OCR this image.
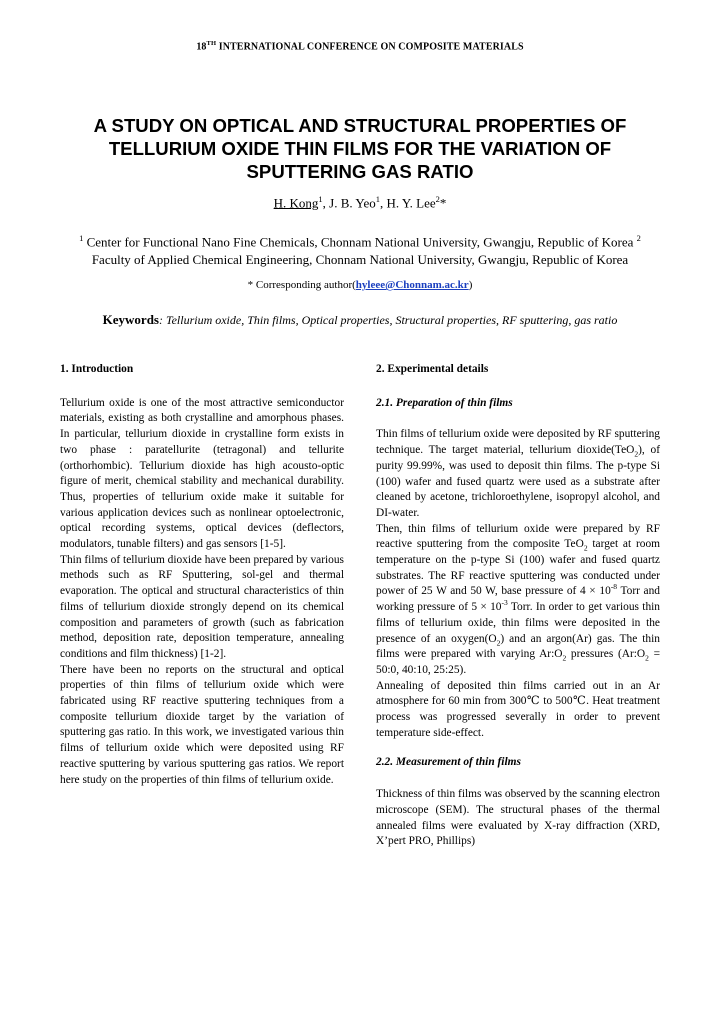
18TH INTERNATIONAL CONFERENCE ON COMPOSITE MATERIALS
A STUDY ON OPTICAL AND STRUCTURAL PROPERTIES OF TELLURIUM OXIDE THIN FILMS FOR THE VARIATION OF SPUTTERING GAS RATIO
H. Kong$^1$, J. B. Yeo$^1$, H. Y. Lee$^2$*
$^1$ Center for Functional Nano Fine Chemicals, Chonnam National University, Gwangju, Republic of Korea $^2$ Faculty of Applied Chemical Engineering, Chonnam National University, Gwangju, Republic of Korea
* Corresponding author(hyleee@Chonnam.ac.kr)
Keywords: Tellurium oxide, Thin films, Optical properties, Structural properties, RF sputtering, gas ratio
1. Introduction

Tellurium oxide is one of the most attractive semiconductor materials, existing as both crystalline and amorphous phases. In particular, tellurium dioxide in crystalline form exists in two phase : paratellurite (tetragonal) and tellurite (orthorhombic). Tellurium dioxide has high acousto-optic figure of merit, chemical stability and mechanical durability. Thus, properties of tellurium oxide make it suitable for various application devices such as nonlinear optoelectronic, optical recording systems, optical devices (deflectors, modulators, tunable filters) and gas sensors [1-5].

Thin films of tellurium dioxide have been prepared by various methods such as RF Sputtering, sol-gel and thermal evaporation. The optical and structural characteristics of thin films of tellurium dioxide strongly depend on its chemical composition and parameters of growth (such as fabrication method, deposition rate, deposition temperature, annealing conditions and film thickness) [1-2].

There have been no reports on the structural and optical properties of thin films of tellurium oxide which were fabricated using RF reactive sputtering techniques from a composite tellurium dioxide target by the variation of sputtering gas ratio. In this work, we investigated various thin films of tellurium oxide which were deposited using RF reactive sputtering by various sputtering gas ratios. We report here study on the properties of thin films of tellurium oxide.

2. Experimental details
2.1. Preparation of thin films

Thin films of tellurium oxide were deposited by RF sputtering technique. The target material, tellurium dioxide(TeO$_2$), of purity 99.99%, was used to deposit thin films. The p-type Si (100) wafer and fused quartz were used as a substrate after cleaned by acetone, trichloroethylene, isopropyl alcohol, and DI-water.

Then, thin films of tellurium oxide were prepared by RF reactive sputtering from the composite TeO$_2$ target at room temperature on the p-type Si (100) wafer and fused quartz substrates. The RF reactive sputtering was conducted under power of 25 W and 50 W, base pressure of $4 \times 10^{-8}$ Torr and working pressure of $5 \times 10^{-3}$ Torr. In order to get various thin films of tellurium oxide, thin films were deposited in the presence of an $oxygen(O_2)$ and an argon(Ar) gas. The thin films were prepared with varying $Ar:O_2$ pressures ($Ar:O_2$ = 50:0, 40:10, 25:25).

Annealing of deposited thin films carried out in an Ar atmosphere for 60 min from 300℃ to 500℃. Heat treatment process was progressed severally in order to prevent temperature side-effect.

2.2. Measurement of thin films

Thickness of thin films was observed by the scanning electron microscope (SEM). The structural phases of the thermal annealed films were evaluated by X-ray diffraction (XRD, X’pert PRO, Phillips)
